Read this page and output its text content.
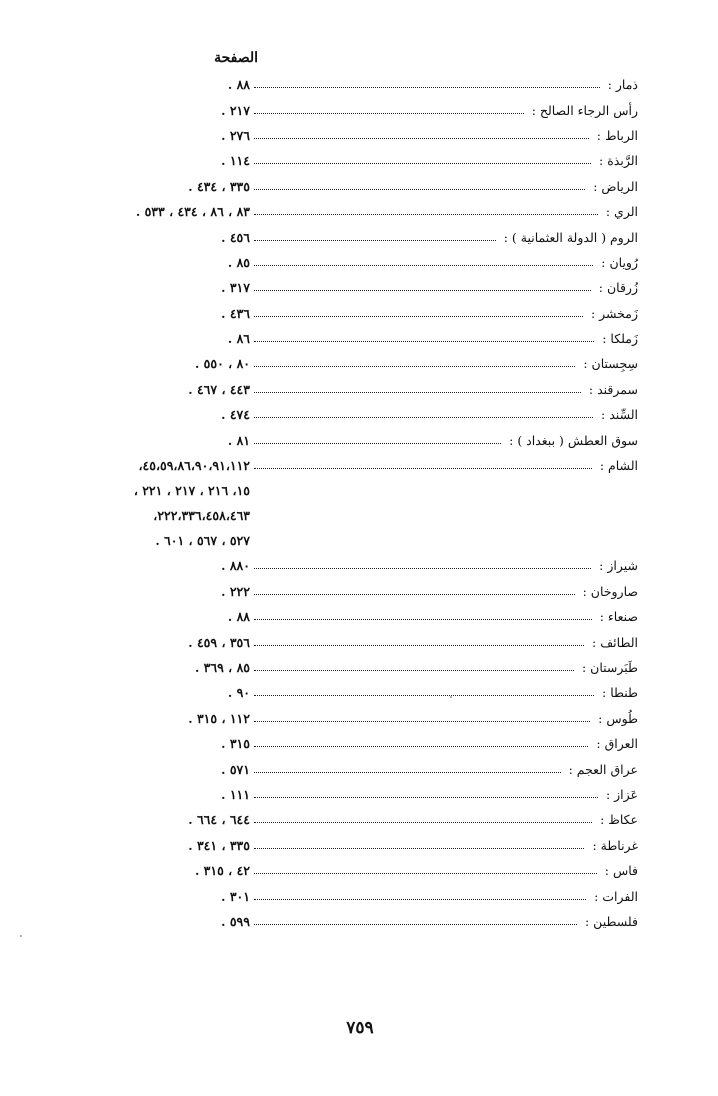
الصفحة
ذمار :
٨٨ .
رأس الرجاء الصالح :
٢١٧ .
الرباط :
٢٧٦ .
الرَّبذة :
١١٤ .
الرياض :
٣٣٥ ، ٤٣٤ .
الري :
٨٣ ، ٨٦ ، ٤٣٤ ، ٥٣٣ .
الروم ( الدولة العثمانية ) :
٤٥٦ .
رُويان :
٨٥ .
زُرقان :
٣١٧ .
زَمخشر :
٤٣٦ .
زَملكا :
٨٦ .
سِجِستان :
٨٠ ، ٥٥٠ .
سمرقند :
٤٤٣ ، ٤٦٧ .
السِّند :
٤٧٤ .
سوق العطش ( ببغداد ) :
٨١ .
الشام :
٤٥،٥٩،٨٦،٩٠،٩١،١١٢،
١٥، ٢١٦ ، ٢١٧ ، ٢٢١ ،
٢٢٢،٣٣٦،٤٥٨،٤٦٣،
٥٢٧ ، ٥٦٧ ، ٦٠١ .
شيراز :
٨٨٠ .
صاروخان :
٢٢٢ .
صنعاء :
٨٨ .
الطائف :
٣٥٦ ، ٤٥٩ .
طَبَرستان :
٨٥ ، ٣٦٩ .
طنطا :
٩٠ .
طُوس :
١١٢ ، ٣١٥ .
العراق :
٣١٥ .
عراق العجم :
٥٧١ .
عَزاز :
١١١ .
عكاظ :
٦٤٤ ، ٦٦٤ .
غرناطة :
٣٣٥ ، ٣٤١ .
فاس :
٤٢ ، ٣١٥ .
الفرات :
٣٠١ .
فلسطين :
٥٩٩ .
٧٥٩
